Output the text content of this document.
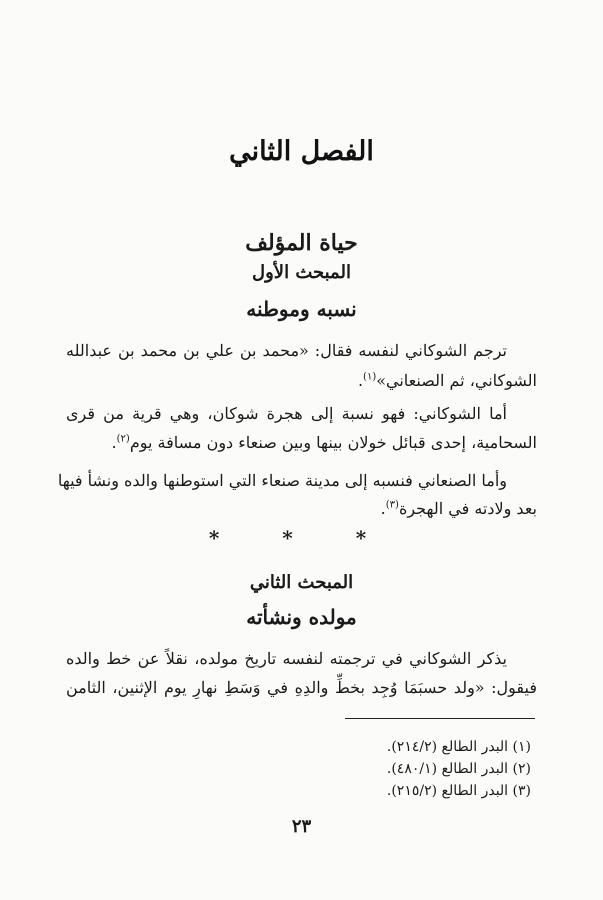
الفصل الثاني
حياة المؤلف
المبحث الأول
نسبه وموطنه

ترجم الشوكاني لنفسه فقال: «محمد بن علي بن محمد بن عبدالله

الشوكاني، ثم الصنعاني»$^{(١)}$.

أما الشوكاني: فهو نسبة إلى هجرة شوكان، وهي قرية من قرى

السحامية، إحدى قبائل خولان بينها وبين صنعاء دون مسافة يوم$^{(٢)}$.

وأما الصنعاني فنسبه إلى مدينة صنعاء التي استوطنها والده ونشأ فيها

بعد ولادته في الهجرة$^{(٣)}$.

* * *
المبحث الثاني
مولده ونشأته

يذكر الشوكاني في ترجمته لنفسه تاريخ مولده، نقلاً عن خط والده

فيقول: «ولد حسبَمَا وُجِد بخطِّ والدِهِ في وَسَطِ نهارِ يوم الإثنين، الثامن

(١) البدر الطالع (٢١٤/٢).

(٢) البدر الطالع (٤٨٠/١).

(٣) البدر الطالع (٢١٥/٢).

٢٣
